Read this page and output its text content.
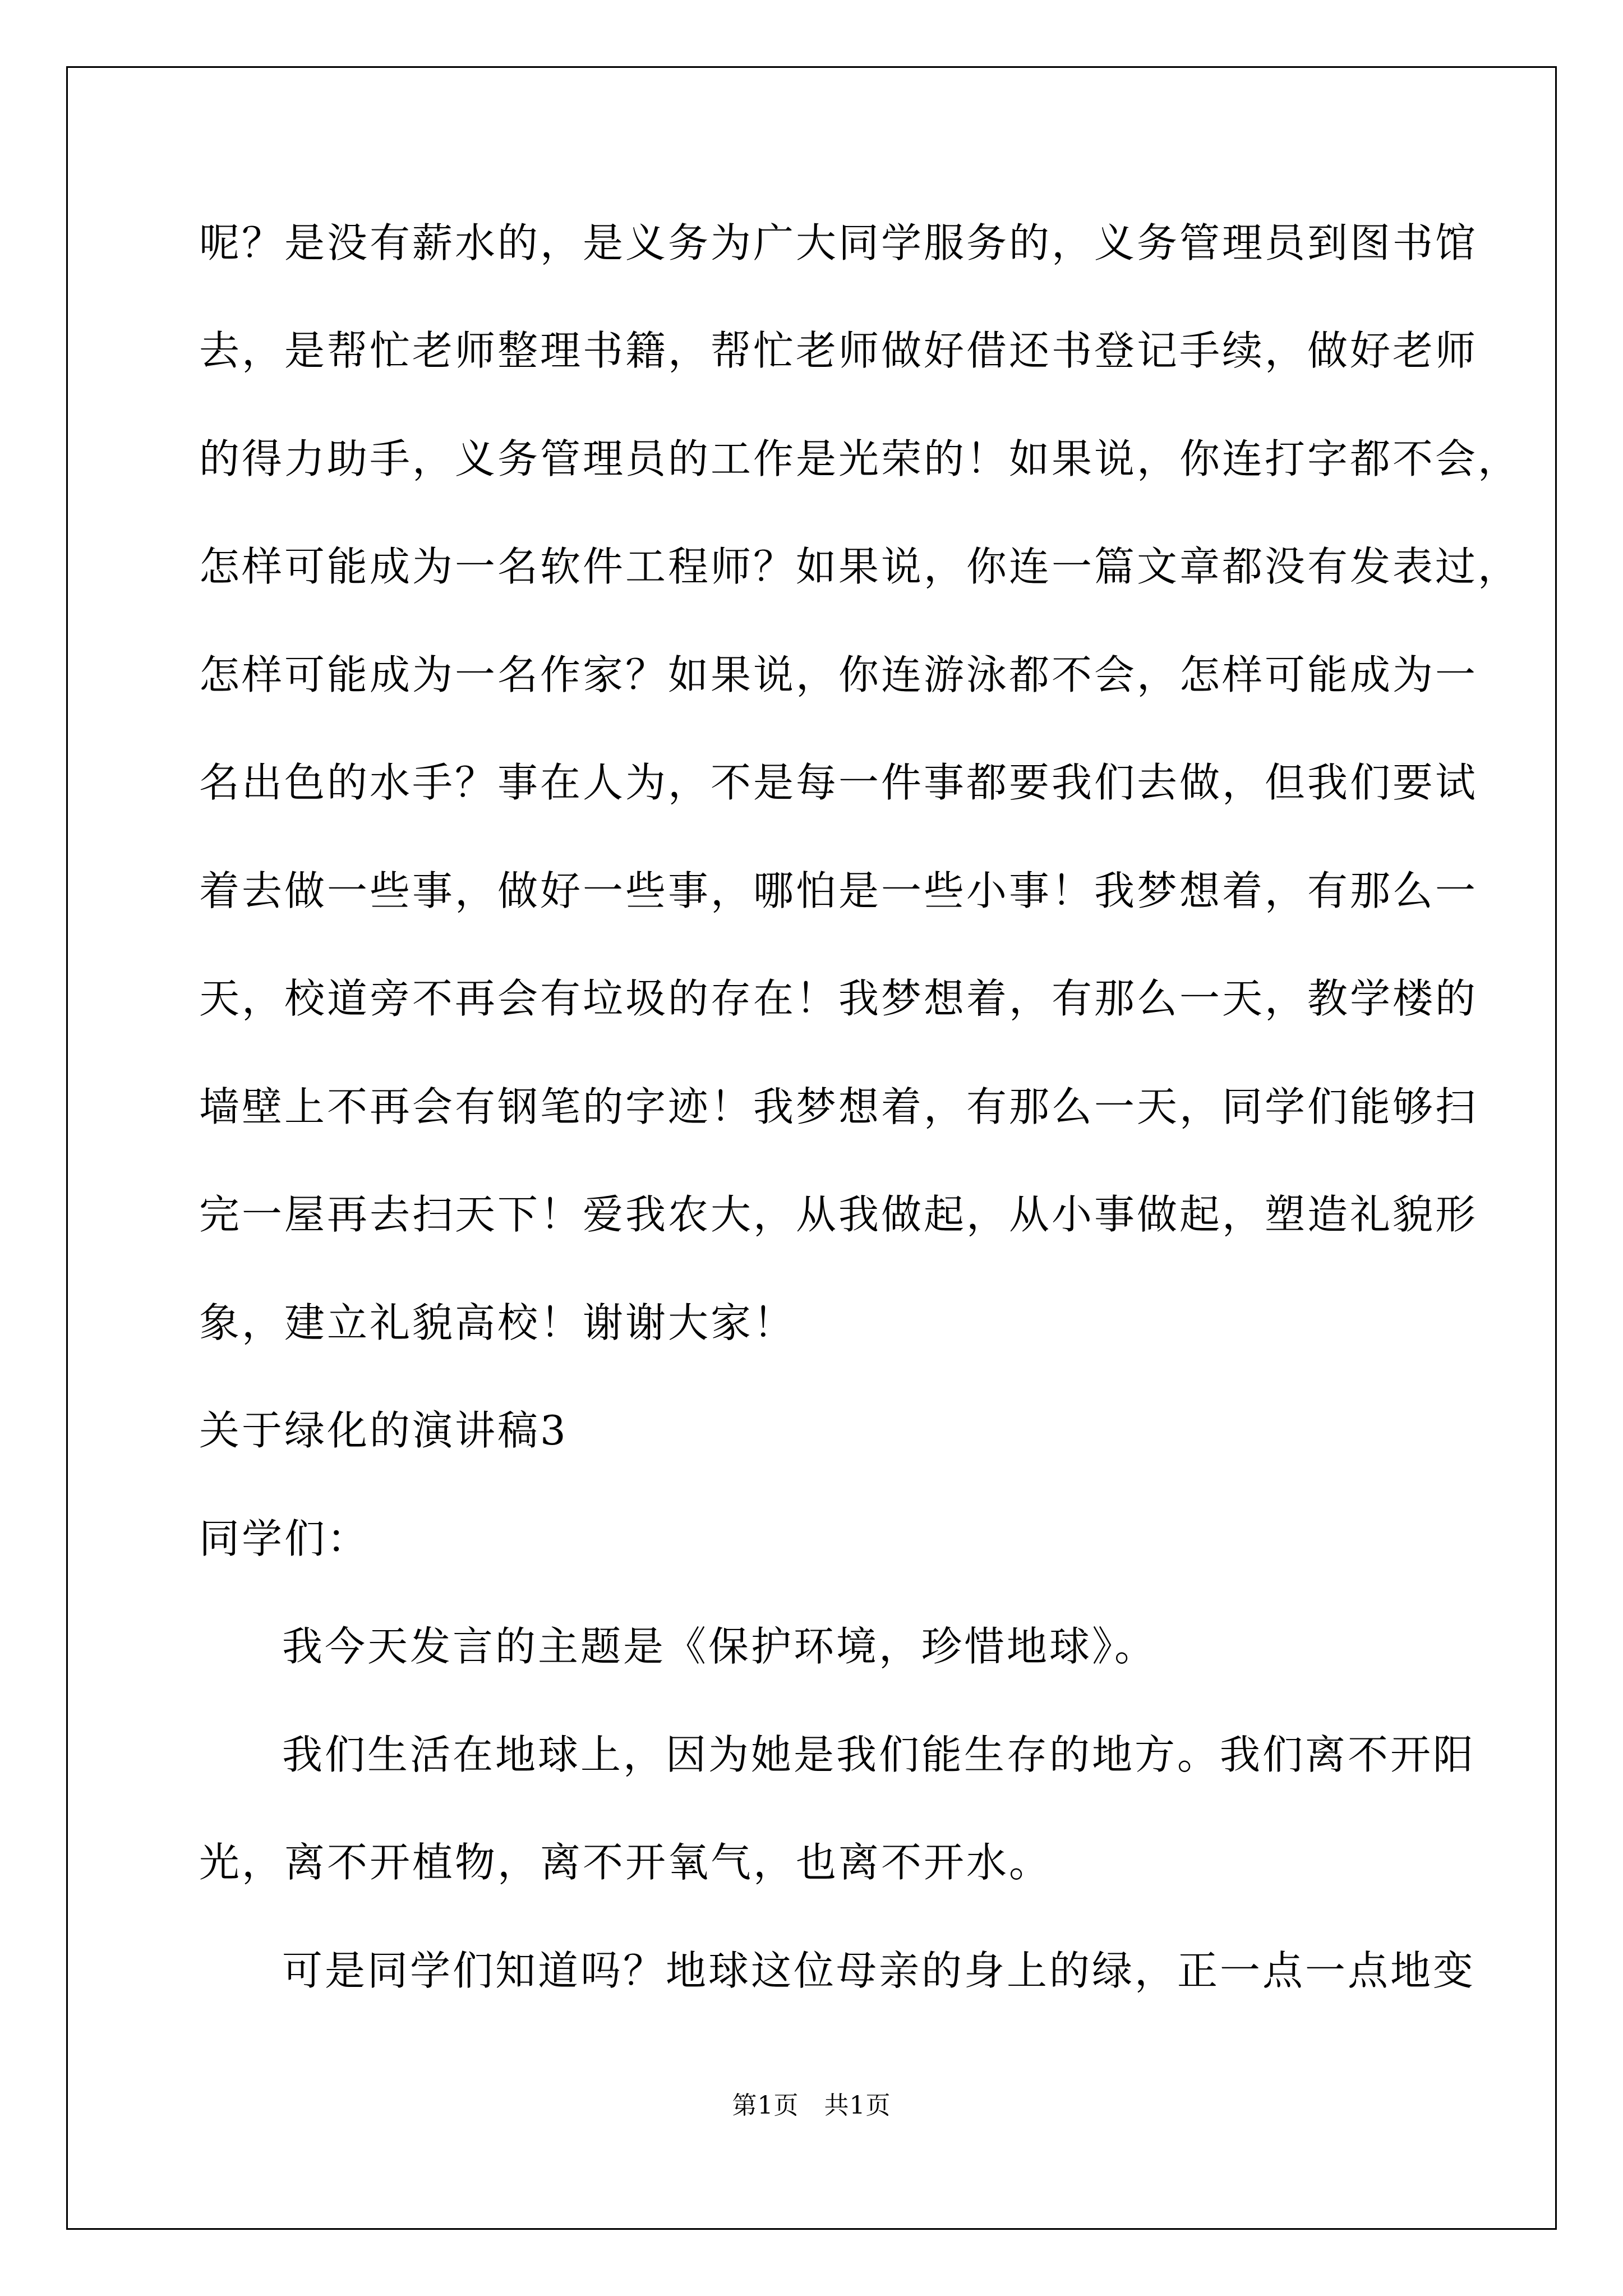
呢？是没有薪水的，是义务为广大同学服务的，义务管理员到图书馆
去，是帮忙老师整理书籍，帮忙老师做好借还书登记手续，做好老师
的得力助手，义务管理员的工作是光荣的！如果说，你连打字都不会，
怎样可能成为一名软件工程师？如果说，你连一篇文章都没有发表过，
怎样可能成为一名作家？如果说，你连游泳都不会，怎样可能成为一
名出色的水手？事在人为，不是每一件事都要我们去做，但我们要试
着去做一些事，做好一些事，哪怕是一些小事！我梦想着，有那么一
天，校道旁不再会有垃圾的存在！我梦想着，有那么一天，教学楼的
墙壁上不再会有钢笔的字迹！我梦想着，有那么一天，同学们能够扫
完一屋再去扫天下！爱我农大，从我做起，从小事做起，塑造礼貌形
象，建立礼貌高校！谢谢大家！
关于绿化的演讲稿3
同学们：
我今天发言的主题是《保护环境，珍惜地球》。
我们生活在地球上，因为她是我们能生存的地方。我们离不开阳
光，离不开植物，离不开氧气，也离不开水。
可是同学们知道吗？地球这位母亲的身上的绿，正一点一点地变
第1页　共1页
